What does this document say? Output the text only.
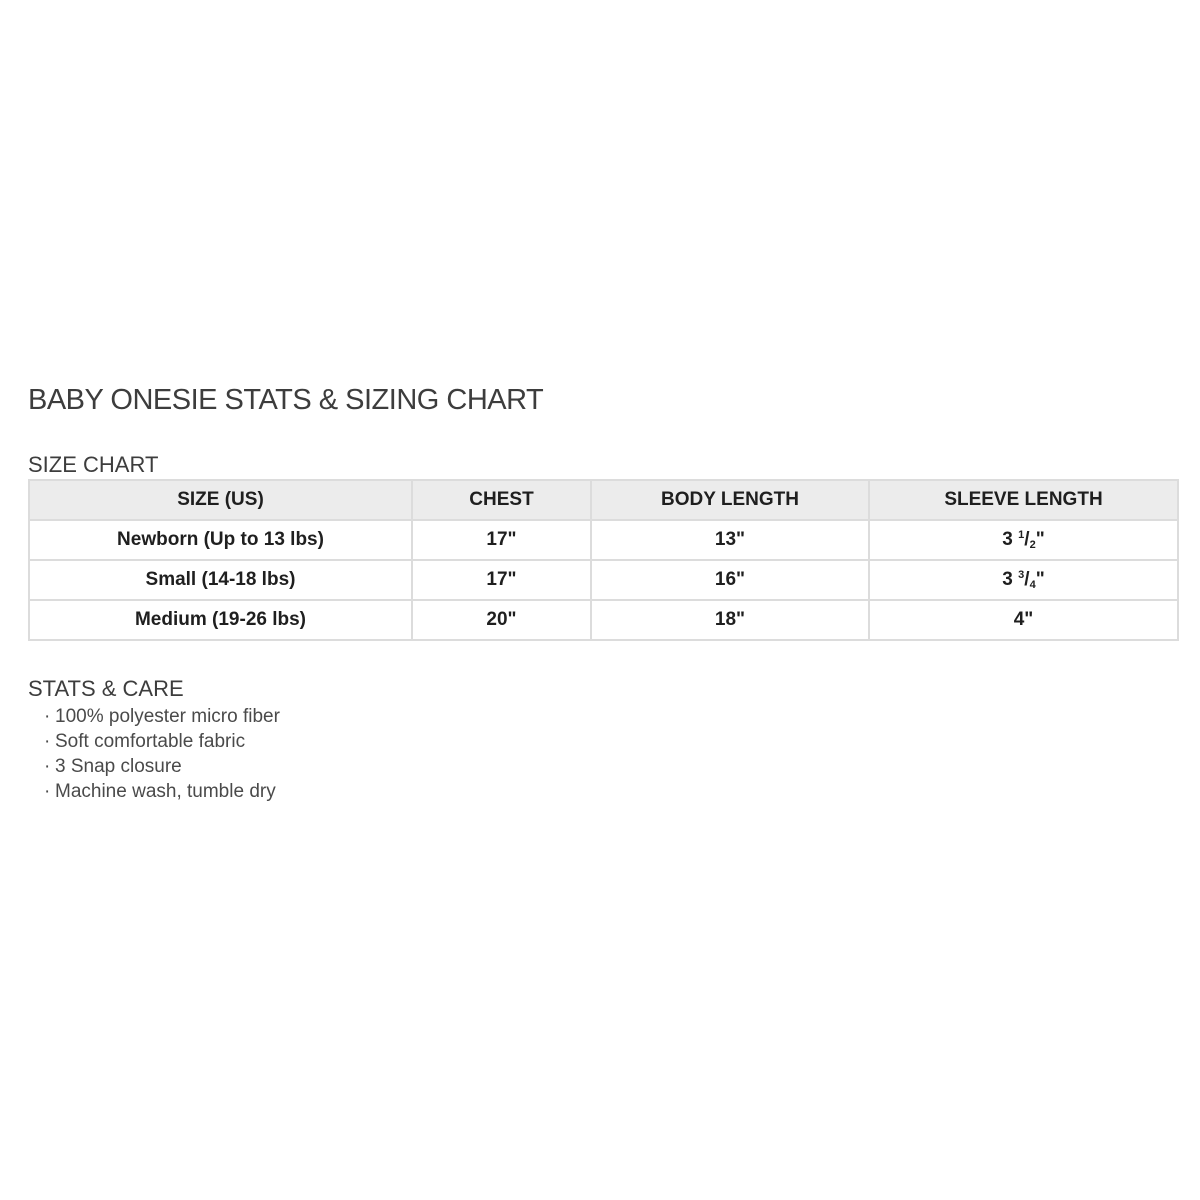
BABY ONESIE STATS & SIZING CHART
SIZE CHART
SIZE (US)	CHEST	BODY LENGTH	SLEEVE LENGTH
Newborn (Up to 13 lbs)	17"	13"	3 $^1/_2$"
Small (14-18 lbs)	17"	16"	3 $^3/_4$"
Medium (19-26 lbs)	20"	18"	4"
STATS & CARE
· 100% polyester micro fiber
· Soft comfortable fabric
· 3 Snap closure
· Machine wash, tumble dry
